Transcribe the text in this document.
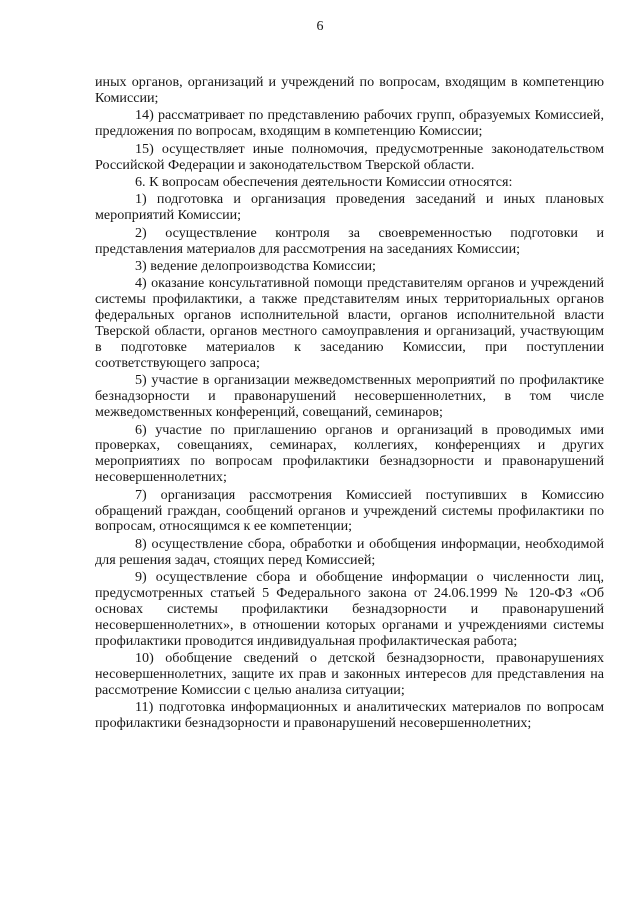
6

иных органов, организаций и учреждений по вопросам, входящим в компетенцию Комиссии;

14) рассматривает по представлению рабочих групп, образуемых Комиссией, предложения по вопросам, входящим в компетенцию Комиссии;

15) осуществляет иные полномочия, предусмотренные законодательством Российской Федерации и законодательством Тверской области.

6. К вопросам обеспечения деятельности Комиссии относятся:

1) подготовка и организация проведения заседаний и иных плановых мероприятий Комиссии;

2) осуществление контроля за своевременностью подготовки и представления материалов для рассмотрения на заседаниях Комиссии;

3) ведение делопроизводства Комиссии;

4) оказание консультативной помощи представителям органов и учреждений системы профилактики, а также представителям иных территориальных органов федеральных органов исполнительной власти, органов исполнительной власти Тверской области, органов местного самоуправления и организаций, участвующим в подготовке материалов к заседанию Комиссии, при поступлении соответствующего запроса;

5) участие в организации межведомственных мероприятий по профилактике безнадзорности и правонарушений несовершеннолетних, в том числе межведомственных конференций, совещаний, семинаров;

6) участие по приглашению органов и организаций в проводимых ими проверках, совещаниях, семинарах, коллегиях, конференциях и других мероприятиях по вопросам профилактики безнадзорности и правонарушений несовершеннолетних;

7) организация рассмотрения Комиссией поступивших в Комиссию обращений граждан, сообщений органов и учреждений системы профилактики по вопросам, относящимся к ее компетенции;

8) осуществление сбора, обработки и обобщения информации, необходимой для решения задач, стоящих перед Комиссией;

9) осуществление сбора и обобщение информации о численности лиц, предусмотренных статьей 5 Федерального закона от 24.06.1999 № 120-ФЗ «Об основах системы профилактики безнадзорности и правонарушений несовершеннолетних», в отношении которых органами и учреждениями системы профилактики проводится индивидуальная профилактическая работа;

10) обобщение сведений о детской безнадзорности, правонарушениях несовершеннолетних, защите их прав и законных интересов для представления на рассмотрение Комиссии с целью анализа ситуации;

11) подготовка информационных и аналитических материалов по вопросам профилактики безнадзорности и правонарушений несовершеннолетних;
